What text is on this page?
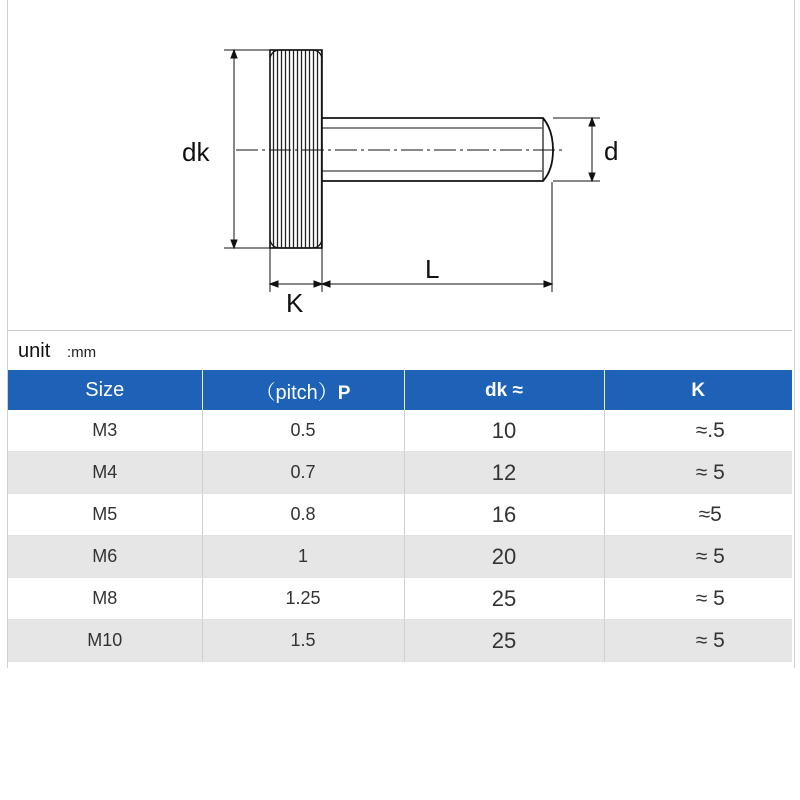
dk	d
L
K
unit :mm
Size	（pitch）P	dk ≈	K
M3	0.5	10	≈.5
M4	0.7	12	≈ 5
M5	0.8	16	≈5
M6	1	20	≈ 5
M8	1.25	25	≈ 5
M10	1.5	25	≈ 5
